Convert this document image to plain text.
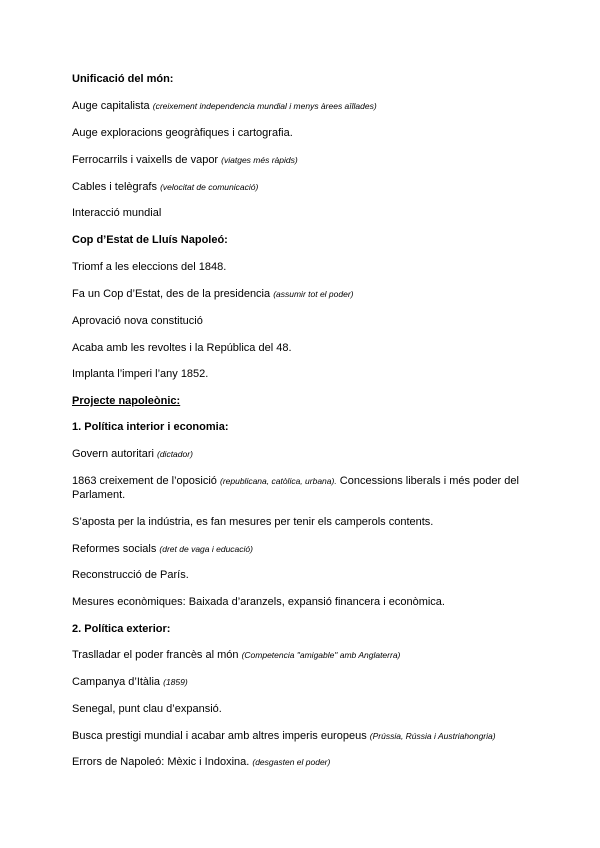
Unificació del món:
Auge capitalista (creixement independencia mundial i menys àrees aïllades)
Auge exploracions geogràfiques i cartografia.
Ferrocarrils i vaixells de vapor (viatges més ràpids)
Cables i telègrafs (velocitat de comunicació)
Interacció mundial
Cop d’Estat de Lluís Napoleó:
Triomf a les eleccions del 1848.
Fa un Cop d’Estat, des de la presidencia (assumir tot el poder)
Aprovació nova constitució
Acaba amb les revoltes i la República del 48.
Implanta l’imperi l’any 1852.
Projecte napoleònic:
1. Política interior i economia:
Govern autoritari (dictador)
1863 creixement de l’oposició (republicana, catòlica, urbana). Concessions liberals i més poder del Parlament.
S’aposta per la indústria, es fan mesures per tenir els camperols contents.
Reformes socials (dret de vaga i educació)
Reconstrucció de París.
Mesures econòmiques: Baixada d’aranzels, expansió financera i econòmica.
2. Política exterior:
Traslladar el poder francès al món (Competencia "amigable" amb Anglaterra)
Campanya d’Itàlia (1859)
Senegal, punt clau d’expansió.
Busca prestigi mundial i acabar amb altres imperis europeus (Prússia, Rússia i Austriahongria)
Errors de Napoleó: Mèxic i Indoxina. (desgasten el poder)
